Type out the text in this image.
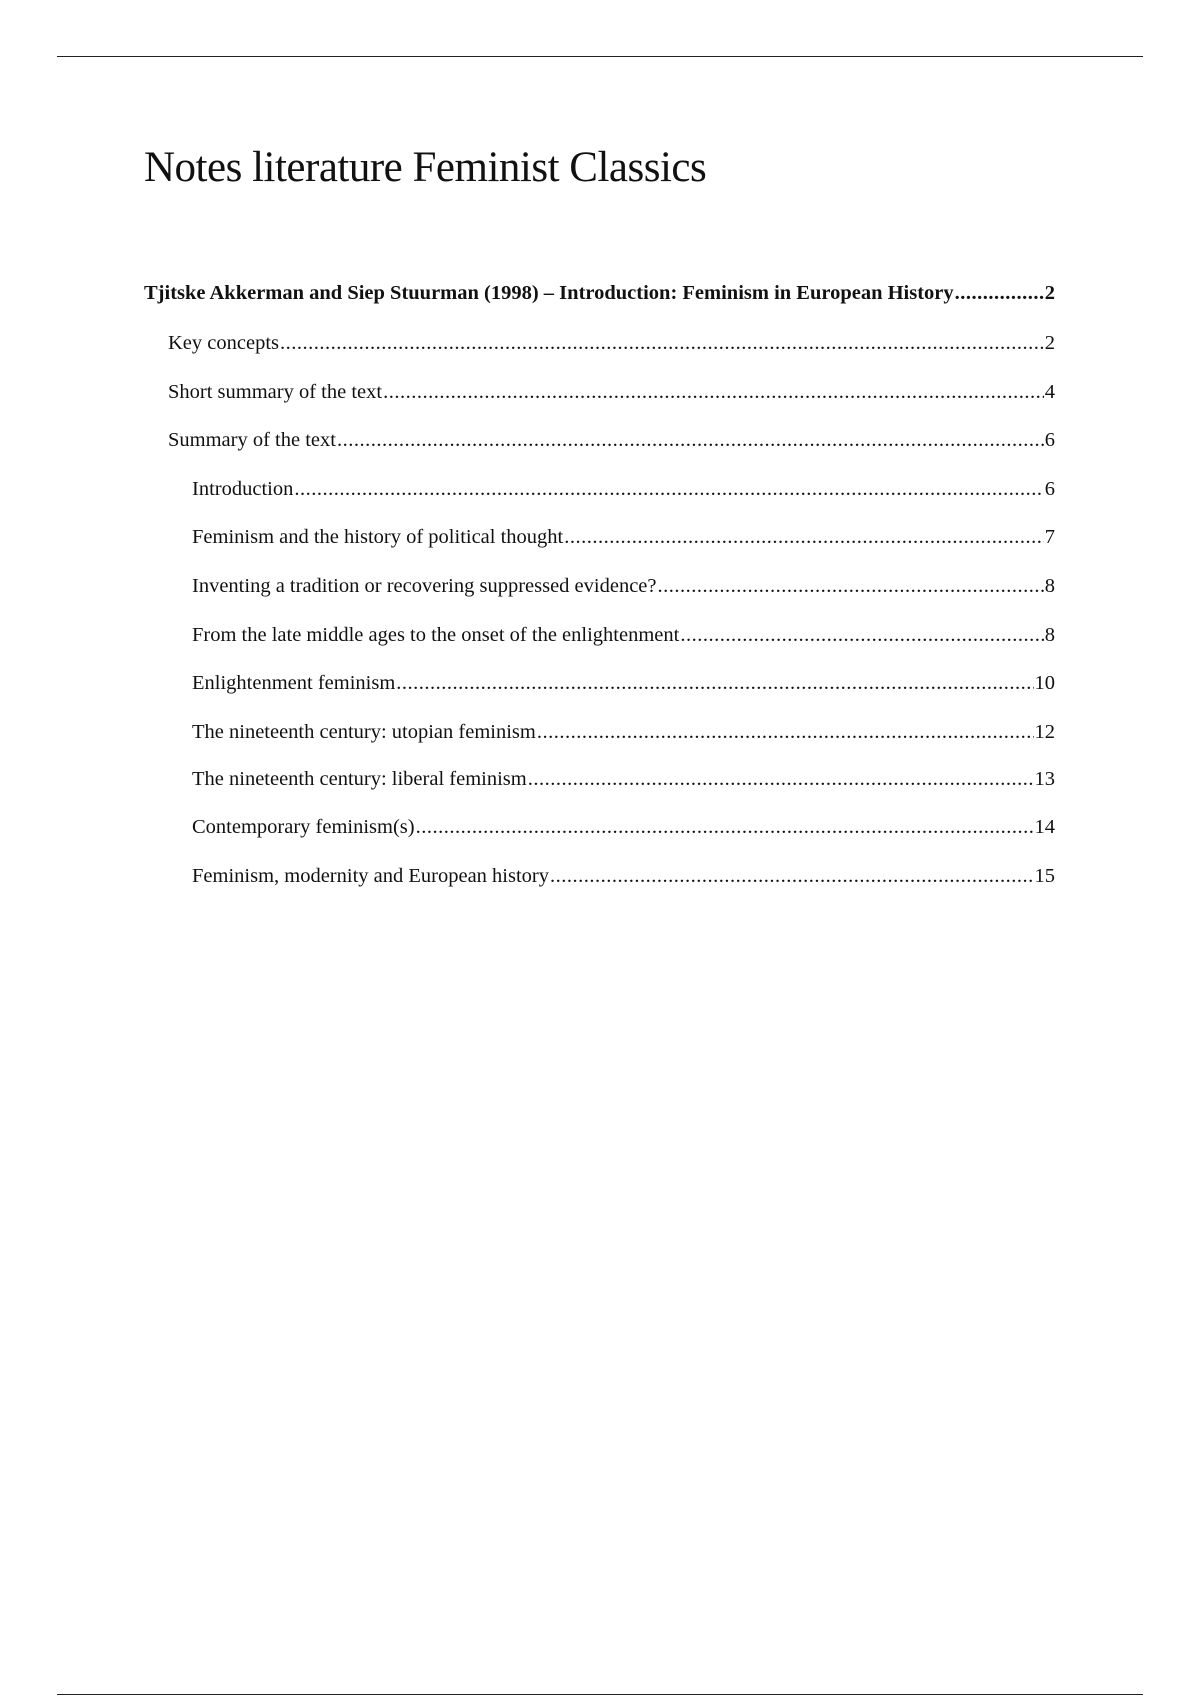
Notes literature Feminist Classics
Tjitske Akkerman and Siep Stuurman (1998) – Introduction: Feminism in European History .....	2
Key concepts .....	2
Short summary of the text .....	4
Summary of the text .....	6
Introduction .....	6
Feminism and the history of political thought .....	7
Inventing a tradition or recovering suppressed evidence? .....	8
From the late middle ages to the onset of the enlightenment .....	8
Enlightenment feminism .....	10
The nineteenth century: utopian feminism .....	12
The nineteenth century: liberal feminism .....	13
Contemporary feminism(s) .....	14
Feminism, modernity and European history .....	15
